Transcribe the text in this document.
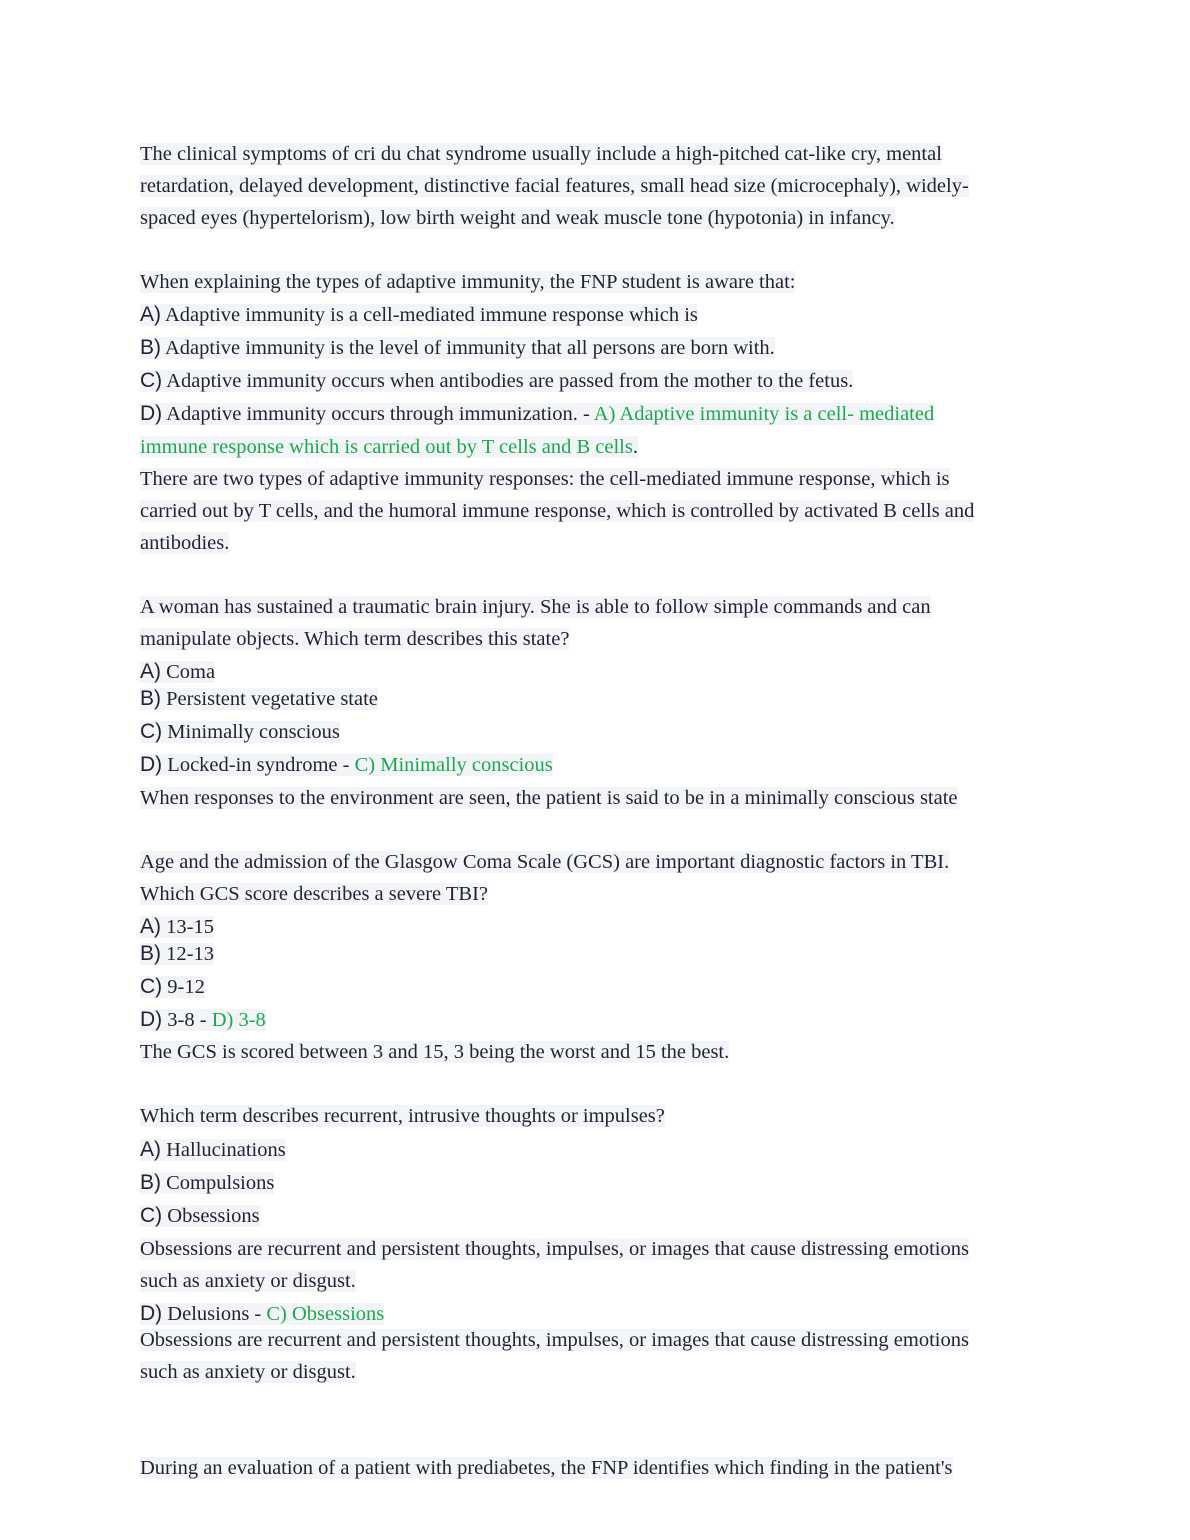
The clinical symptoms of cri du chat syndrome usually include a high-pitched cat-like cry, mental
retardation, delayed development, distinctive facial features, small head size (microcephaly), widely-
spaced eyes (hypertelorism), low birth weight and weak muscle tone (hypotonia) in infancy.
When explaining the types of adaptive immunity, the FNP student is aware that:
A) Adaptive immunity is a cell-mediated immune response which is
B) Adaptive immunity is the level of immunity that all persons are born with.
C) Adaptive immunity occurs when antibodies are passed from the mother to the fetus.
D) Adaptive immunity occurs through immunization. - A) Adaptive immunity is a cell- mediated
immune response which is carried out by T cells and B cells.
There are two types of adaptive immunity responses: the cell-mediated immune response, which is
carried out by T cells, and the humoral immune response, which is controlled by activated B cells and
antibodies.
A woman has sustained a traumatic brain injury. She is able to follow simple commands and can
manipulate objects. Which term describes this state?
A) Coma
B) Persistent vegetative state
C) Minimally conscious
D) Locked-in syndrome - C) Minimally conscious
When responses to the environment are seen, the patient is said to be in a minimally conscious state
Age and the admission of the Glasgow Coma Scale (GCS) are important diagnostic factors in TBI.
Which GCS score describes a severe TBI?
A) 13-15
B) 12-13
C) 9-12
D) 3-8 - D) 3-8
The GCS is scored between 3 and 15, 3 being the worst and 15 the best.
Which term describes recurrent, intrusive thoughts or impulses?
A) Hallucinations
B) Compulsions
C) Obsessions
Obsessions are recurrent and persistent thoughts, impulses, or images that cause distressing emotions
such as anxiety or disgust.
D) Delusions - C) Obsessions
Obsessions are recurrent and persistent thoughts, impulses, or images that cause distressing emotions
such as anxiety or disgust.
During an evaluation of a patient with prediabetes, the FNP identifies which finding in the patient's
